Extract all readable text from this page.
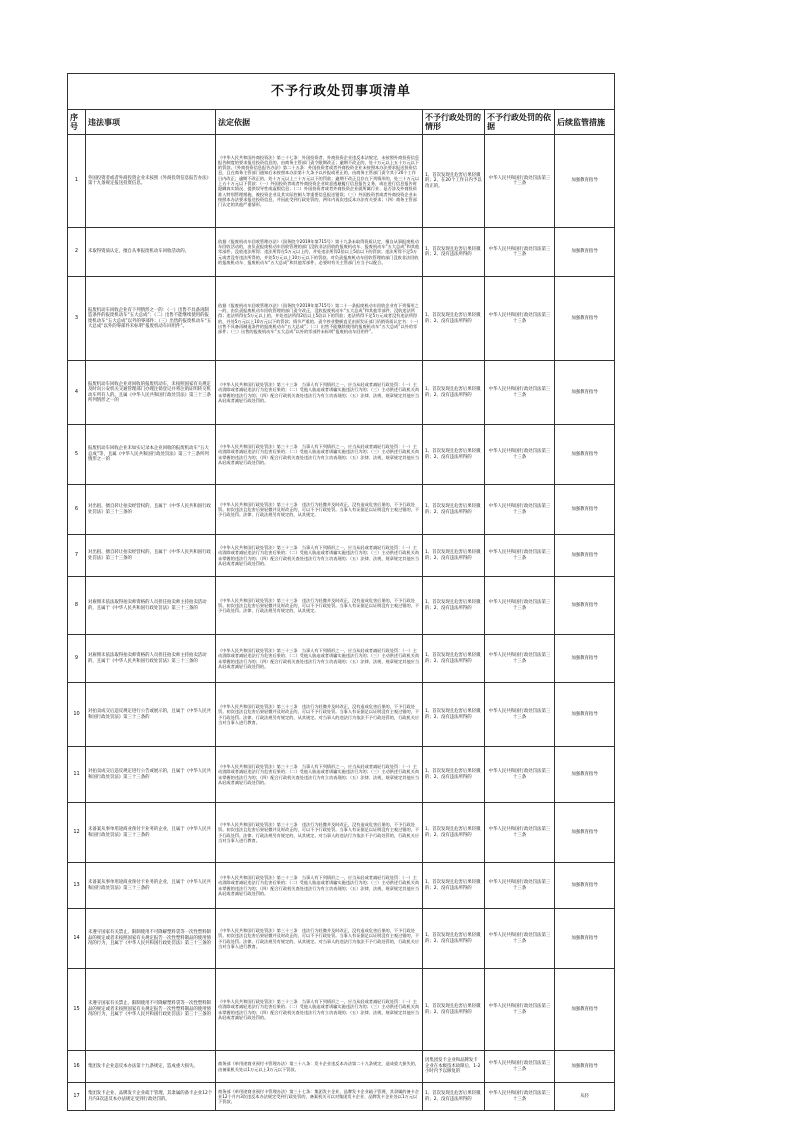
不予行政处罚事项清单					
序号	违法事项	法定依据	不予行政处罚的情形	不予行政处罚的依据	后续监管措施
1	外国投资者或者外商投资企业未按照《外商投资信息报告办法》第十九条规定报送投资信息。	《中华人民共和国外商投资法》第三十七条：外国投资者、外商投资企业违反本法规定，未按照外商投资信息报告制度的要求报送投资信息的，由商务主管部门责令限期改正；逾期不改正的，处十万元以上五十万元以下的罚款。《外商投资信息报告办法》第二十五条：外国投资者或者外商投资企业未按照本办法要求报送投资信息，且在商务主管部门通知后未按照本办法第十九条予以补报或更正的，由商务主管部门责令其于20个工作日内改正；逾期不改正的，处十万元以上三十万元以下的罚款；逾期不改正且存在下列情形的，处三十万元以上五十万元以下罚款：（一）外国投资者或者外商投资企业故意逃避履行信息报告义务，或在进行信息报告时隐瞒真实情况、提供误导性或虚假信息；（二）外国投资者或者外商投资企业就所属行业、是否涉及外商投资准入特别管理措施、被投资企业及其实际控制人等重要信息报送错误；（三）外国投资者或者外商投资企业未按照本办法要求报送投资信息，并因此受到行政处罚的，两年内再次违反本办法有关要求；（四）商务主管部门认定的其他严重情形。	1、首次发现且危害后果轻微的；2、在20个工作日内予以改正的。	中华人民共和国行政处罚法第三十三条	加强教育指导
2	未取得资质认定，擅自从事报废机动车回收活动的。	依据《报废机动车回收管理办法》（国务院令2019年第715号）第十九条未取得资质认定，擅自从事报废机动车回收活动的，由负责报废机动车回收管理的部门没收非法回收的报废机动车、报废机动车“五大总成”和其他零部件，没收违法所得；违法所得在5万元以上的，并处违法所得2倍以上5倍以下的罚款；违法所得不足5万元或者没有违法所得的，并处5万元以上10万元以下的罚款。对负责报废机动车回收管理的部门没收非法回收的报废机动车、报废机动车“五大总成”和其他零部件，必要时有关主管部门应当予以配合。	1、首次发现且危害后果轻微的；2、没有违法所得的	中华人民共和国行政处罚法第三十三条	加强教育指导
3	报废机动车回收企业有下列情形之一的：（一）出售不具备再制造条件的报废机动车“五大总成”；（二）出售不能继续使用的报废机动车“五大总成”以外的零部件；（三）出售的报废机动车“五大总成”以外的零部件未标明“报废机动车回用件”。	依据《报废机动车回收管理办法》（国务院令2019年第715号）第二十一条报废机动车回收企业有下列情形之一的，由负责报废机动车回收管理的部门责令改正，没收报废机动车“五大总成”和其他零部件，没收违法所得；违法所得在5万元以上的，并处违法所得2倍以上5倍以下的罚款；违法所得不足5万元或者没有违法所得的，并处5万元以上10万元以下的罚款；情节严重的，责令停业整顿直至由原发证部门吊销资质认定书：（一）出售不具备再制造条件的报废机动车“五大总成”；（二）出售不能继续使用的报废机动车“五大总成”以外的零部件；（三）出售的报废机动车“五大总成”以外的零部件未标明“报废机动车回用件”。	1、首次发现且危害后果轻微的；2、没有违法所得的	中华人民共和国行政处罚法第三十三条	加强教育指导
4	报废机动车回收企业对回收的报废机动车，未按照国家有关规定及时向公安机关交通管理部门办理注销登记并将注销证明转交机动车所有人的。且属《中华人民共和国行政处罚法》第三十三条所列情形之一的	《中华人民共和国行政处罚法》第三十三条　当事人有下列情形之一，应当从轻或者减轻行政处罚：（一）主动消除或者减轻违法行为危害后果的；（二）受他人胁迫或者诱骗实施违法行为的；（三）主动供述行政机关尚未掌握的违法行为的；（四）配合行政机关查处违法行为有立功表现的；（五）法律、法规、规章规定其他应当从轻或者减轻行政处罚的。	1、首次发现且危害后果轻微的；2、没有违法所得的	中华人民共和国行政处罚法第三十三条	加强教育指导
5	报废机动车回收企业未如实记录本企业回收的报废机动车“五大总成”等，且属《中华人民共和国行政处罚法》第三十三条所列情形之一的	《中华人民共和国行政处罚法》第三十三条　当事人有下列情形之一，应当从轻或者减轻行政处罚：（一）主动消除或者减轻违法行为危害后果的；（二）受他人胁迫或者诱骗实施违法行为的；（三）主动供述行政机关尚未掌握的违法行为的；（四）配合行政机关查处违法行为有立功表现的；（五）法律、法规、规章规定其他应当从轻或者减轻行政处罚的。	1、首次发现且危害后果轻微的；2、没有违法所得的	中华人民共和国行政处罚法第三十三条	加强教育指导
6	对出租、擅自转让拍卖经营权的，且属于《中华人民共和国行政处罚法》第三十三条的	《中华人民共和国行政处罚法》第三十三条　违法行为轻微并及时改正，没有造成危害后果的，不予行政处罚。初次违法且危害后果轻微并及时改正的，可以不予行政处罚。当事人有证据足以证明没有主观过错的，不予行政处罚。法律、行政法规另有规定的，从其规定。	1、首次发现且危害后果轻微的；2、没有违法所得的	中华人民共和国行政处罚法第三十三条	加强教育指导
7	对出租、擅自转让拍卖经营权的，且属于《中华人民共和国行政处罚法》第三十三条的	《中华人民共和国行政处罚法》第三十三条　当事人有下列情形之一，应当从轻或者减轻行政处罚：（一）主动消除或者减轻违法行为危害后果的；（二）受他人胁迫或者诱骗实施违法行为的；（三）主动供述行政机关尚未掌握的违法行为的；（四）配合行政机关查处违法行为有立功表现的；（五）法律、法规、规章规定其他应当从轻或者减轻行政处罚的。	1、首次发现且危害后果轻微的；2、没有违法所得的	中华人民共和国行政处罚法第三十三条	加强教育指导
8	对雇佣未依法取得拍卖师资格的人员担任拍卖师主持拍卖活动的，且属于《中华人民共和国行政处罚法》第三十三条的	《中华人民共和国行政处罚法》第三十三条　违法行为轻微并及时改正，没有造成危害后果的，不予行政处罚。初次违法且危害后果轻微并及时改正的，可以不予行政处罚。当事人有证据足以证明没有主观过错的，不予行政处罚。法律、行政法规另有规定的，从其规定。	1、首次发现且危害后果轻微的；2、没有违法所得的	中华人民共和国行政处罚法第三十三条	加强教育指导
9	对雇佣未依法取得拍卖师资格的人员担任拍卖师主持拍卖活动的，且属于《中华人民共和国行政处罚法》第三十三条的	《中华人民共和国行政处罚法》第三十三条　当事人有下列情形之一，应当从轻或者减轻行政处罚：（一）主动消除或者减轻违法行为危害后果的；（二）受他人胁迫或者诱骗实施违法行为的；（三）主动供述行政机关尚未掌握的违法行为的；（四）配合行政机关查处违法行为有立功表现的；（五）法律、法规、规章规定其他应当从轻或者减轻行政处罚的。	1、首次发现且危害后果轻微的；2、没有违法所得的	中华人民共和国行政处罚法第三十三条	加强教育指导
10	对拍卖成交后违反规定进行公告或展示的，且属于《中华人民共和国行政处罚法》第三十三条的	《中华人民共和国行政处罚法》第三十三条　违法行为轻微并及时改正，没有造成危害后果的，不予行政处罚。初次违法且危害后果轻微并及时改正的，可以不予行政处罚。当事人有证据足以证明没有主观过错的，不予行政处罚。法律、行政法规另有规定的，从其规定。对当事人的违法行为依法不予行政处罚的，行政机关应当对当事人进行教育。	1、首次发现且危害后果轻微的；2、没有违法所得的	中华人民共和国行政处罚法第三十三条	加强教育指导
11	对拍卖成交后违反规定进行公告或展示的，且属于《中华人民共和国行政处罚法》第三十三条的	《中华人民共和国行政处罚法》第三十三条　当事人有下列情形之一，应当从轻或者减轻行政处罚：（一）主动消除或者减轻违法行为危害后果的；（二）受他人胁迫或者诱骗实施违法行为的；（三）主动供述行政机关尚未掌握的违法行为的；（四）配合行政机关查处违法行为有立功表现的；（五）法律、法规、规章规定其他应当从轻或者减轻行政处罚的。	1、首次发现且危害后果轻微的；2、没有违法所得的	中华人民共和国行政处罚法第三十三条	加强教育指导
12	未备案从事单用途商业预付卡业务的企业，且属于《中华人民共和国行政处罚法》第三十三条的	《中华人民共和国行政处罚法》第三十三条　违法行为轻微并及时改正，没有造成危害后果的，不予行政处罚。初次违法且危害后果轻微并及时改正的，可以不予行政处罚。当事人有证据足以证明没有主观过错的，不予行政处罚。法律、行政法规另有规定的，从其规定。对当事人的违法行为依法不予行政处罚的，行政机关应当对当事人进行教育。	1、首次发现且危害后果轻微的；2、没有违法所得的	中华人民共和国行政处罚法第三十三条	加强教育指导
13	未备案从事单用途商业预付卡业务的企业，且属于《中华人民共和国行政处罚法》第三十三条的	《中华人民共和国行政处罚法》第三十三条　当事人有下列情形之一，应当从轻或者减轻行政处罚：（一）主动消除或者减轻违法行为危害后果的；（二）受他人胁迫或者诱骗实施违法行为的；（三）主动供述行政机关尚未掌握的违法行为的；（四）配合行政机关查处违法行为有立功表现的；（五）法律、法规、规章规定其他应当从轻或者减轻行政处罚的。	1、首次发现且危害后果轻微的；2、没有违法所得的	中华人民共和国行政处罚法第三十三条	加强教育指导
14	未遵守国家有关禁止、限制使用不可降解塑料袋等一次性塑料制品的规定或者未按照国家有关规定报告一次性塑料制品的使用情况的行为，且属于《中华人民共和国行政处罚法》第三十三条的	《中华人民共和国行政处罚法》第三十三条　违法行为轻微并及时改正，没有造成危害后果的，不予行政处罚。初次违法且危害后果轻微并及时改正的，可以不予行政处罚。当事人有证据足以证明没有主观过错的，不予行政处罚。法律、行政法规另有规定的，从其规定。对当事人的违法行为依法不予行政处罚的，行政机关应当对当事人进行教育。	1、首次发现且危害后果轻微的；2、没有违法所得的	中华人民共和国行政处罚法第三十三条	加强教育指导
15	未遵守国家有关禁止、限制使用不可降解塑料袋等一次性塑料制品的规定或者未按照国家有关规定报告一次性塑料制品的使用情况的行为，且属于《中华人民共和国行政处罚法》第三十三条的	《中华人民共和国行政处罚法》第三十三条　当事人有下列情形之一，应当从轻或者减轻行政处罚：（一）主动消除或者减轻违法行为危害后果的；（二）受他人胁迫或者诱骗实施违法行为的；（三）主动供述行政机关尚未掌握的违法行为的；（四）配合行政机关查处违法行为有立功表现的；（五）法律、法规、规章规定其他应当从轻或者减轻行政处罚的。	1、首次发现且危害后果轻微的；2、没有违法所得的	中华人民共和国行政处罚法第三十三条	加强教育指导
16	集团发卡企业违反本办法第十九条规定，造成重大损失。	商务部《单用途商业预付卡管理办法》第三十八条：发卡企业违反本办法第二十九条规定，造成重大损失的，由备案机关处以1万元以上3万元以下罚款。	因集团发卡企业和品牌发卡企业在本级技术故障后，1-2小时内予以修复的	中华人民共和国行政处罚法第三十三条	加强教育指导
17	集团发卡企业、品牌发卡企业疏于管理，其隶属的备卡企业12个月内3次违反本办法规定受到行政处罚的。	商务部《单用途商业预付卡管理办法》第三十七条：集团发卡企业、品牌发卡企业疏于管理，其隶属的备卡企业12个月内3次违反本办法规定受到行政处罚的，备案机关可以对集团发卡企业、品牌发卡企业处以1万元以下罚款。	1、首次发现且危害后果轻微的；2、没有违法所得的	中华人民共和国行政处罚法第三十三条	从轻
